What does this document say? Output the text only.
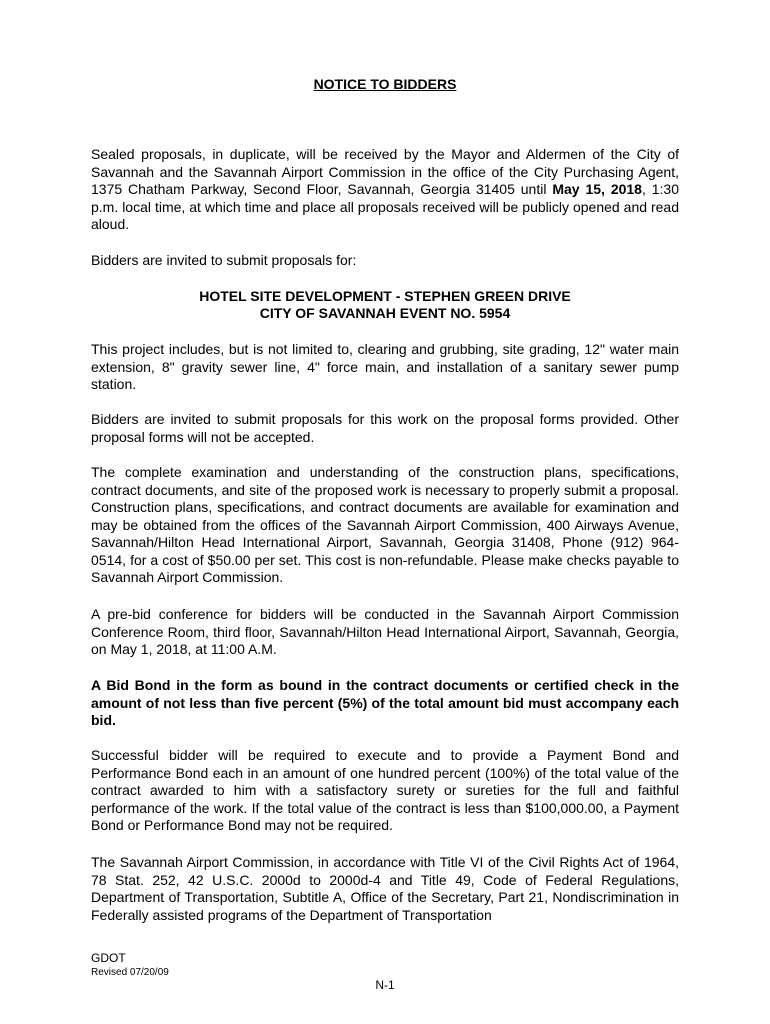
NOTICE TO BIDDERS

Sealed proposals, in duplicate, will be received by the Mayor and Aldermen of the City of Savannah and the Savannah Airport Commission in the office of the City Purchasing Agent, 1375 Chatham Parkway, Second Floor, Savannah, Georgia 31405 until May 15, 2018, 1:30 p.m. local time, at which time and place all proposals received will be publicly opened and read aloud.

Bidders are invited to submit proposals for:

HOTEL SITE DEVELOPMENT - STEPHEN GREEN DRIVE

CITY OF SAVANNAH EVENT NO. 5954

This project includes, but is not limited to, clearing and grubbing, site grading, 12" water main extension, 8" gravity sewer line, 4" force main, and installation of a sanitary sewer pump station.

Bidders are invited to submit proposals for this work on the proposal forms provided. Other proposal forms will not be accepted.

The complete examination and understanding of the construction plans, specifications, contract documents, and site of the proposed work is necessary to properly submit a proposal. Construction plans, specifications, and contract documents are available for examination and may be obtained from the offices of the Savannah Airport Commission, 400 Airways Avenue, Savannah/Hilton Head International Airport, Savannah, Georgia 31408, Phone (912) 964-0514, for a cost of $50.00 per set. This cost is non-refundable. Please make checks payable to Savannah Airport Commission.

A pre-bid conference for bidders will be conducted in the Savannah Airport Commission Conference Room, third floor, Savannah/Hilton Head International Airport, Savannah, Georgia, on May 1, 2018, at 11:00 A.M.

A Bid Bond in the form as bound in the contract documents or certified check in the amount of not less than five percent (5%) of the total amount bid must accompany each bid.

Successful bidder will be required to execute and to provide a Payment Bond and Performance Bond each in an amount of one hundred percent (100%) of the total value of the contract awarded to him with a satisfactory surety or sureties for the full and faithful performance of the work. If the total value of the contract is less than $100,000.00, a Payment Bond or Performance Bond may not be required.

The Savannah Airport Commission, in accordance with Title VI of the Civil Rights Act of 1964, 78 Stat. 252, 42 U.S.C. 2000d to 2000d-4 and Title 49, Code of Federal Regulations, Department of Transportation, Subtitle A, Office of the Secretary, Part 21, Nondiscrimination in Federally assisted programs of the Department of Transportation

GDOT
Revised 07/20/09
N-1
